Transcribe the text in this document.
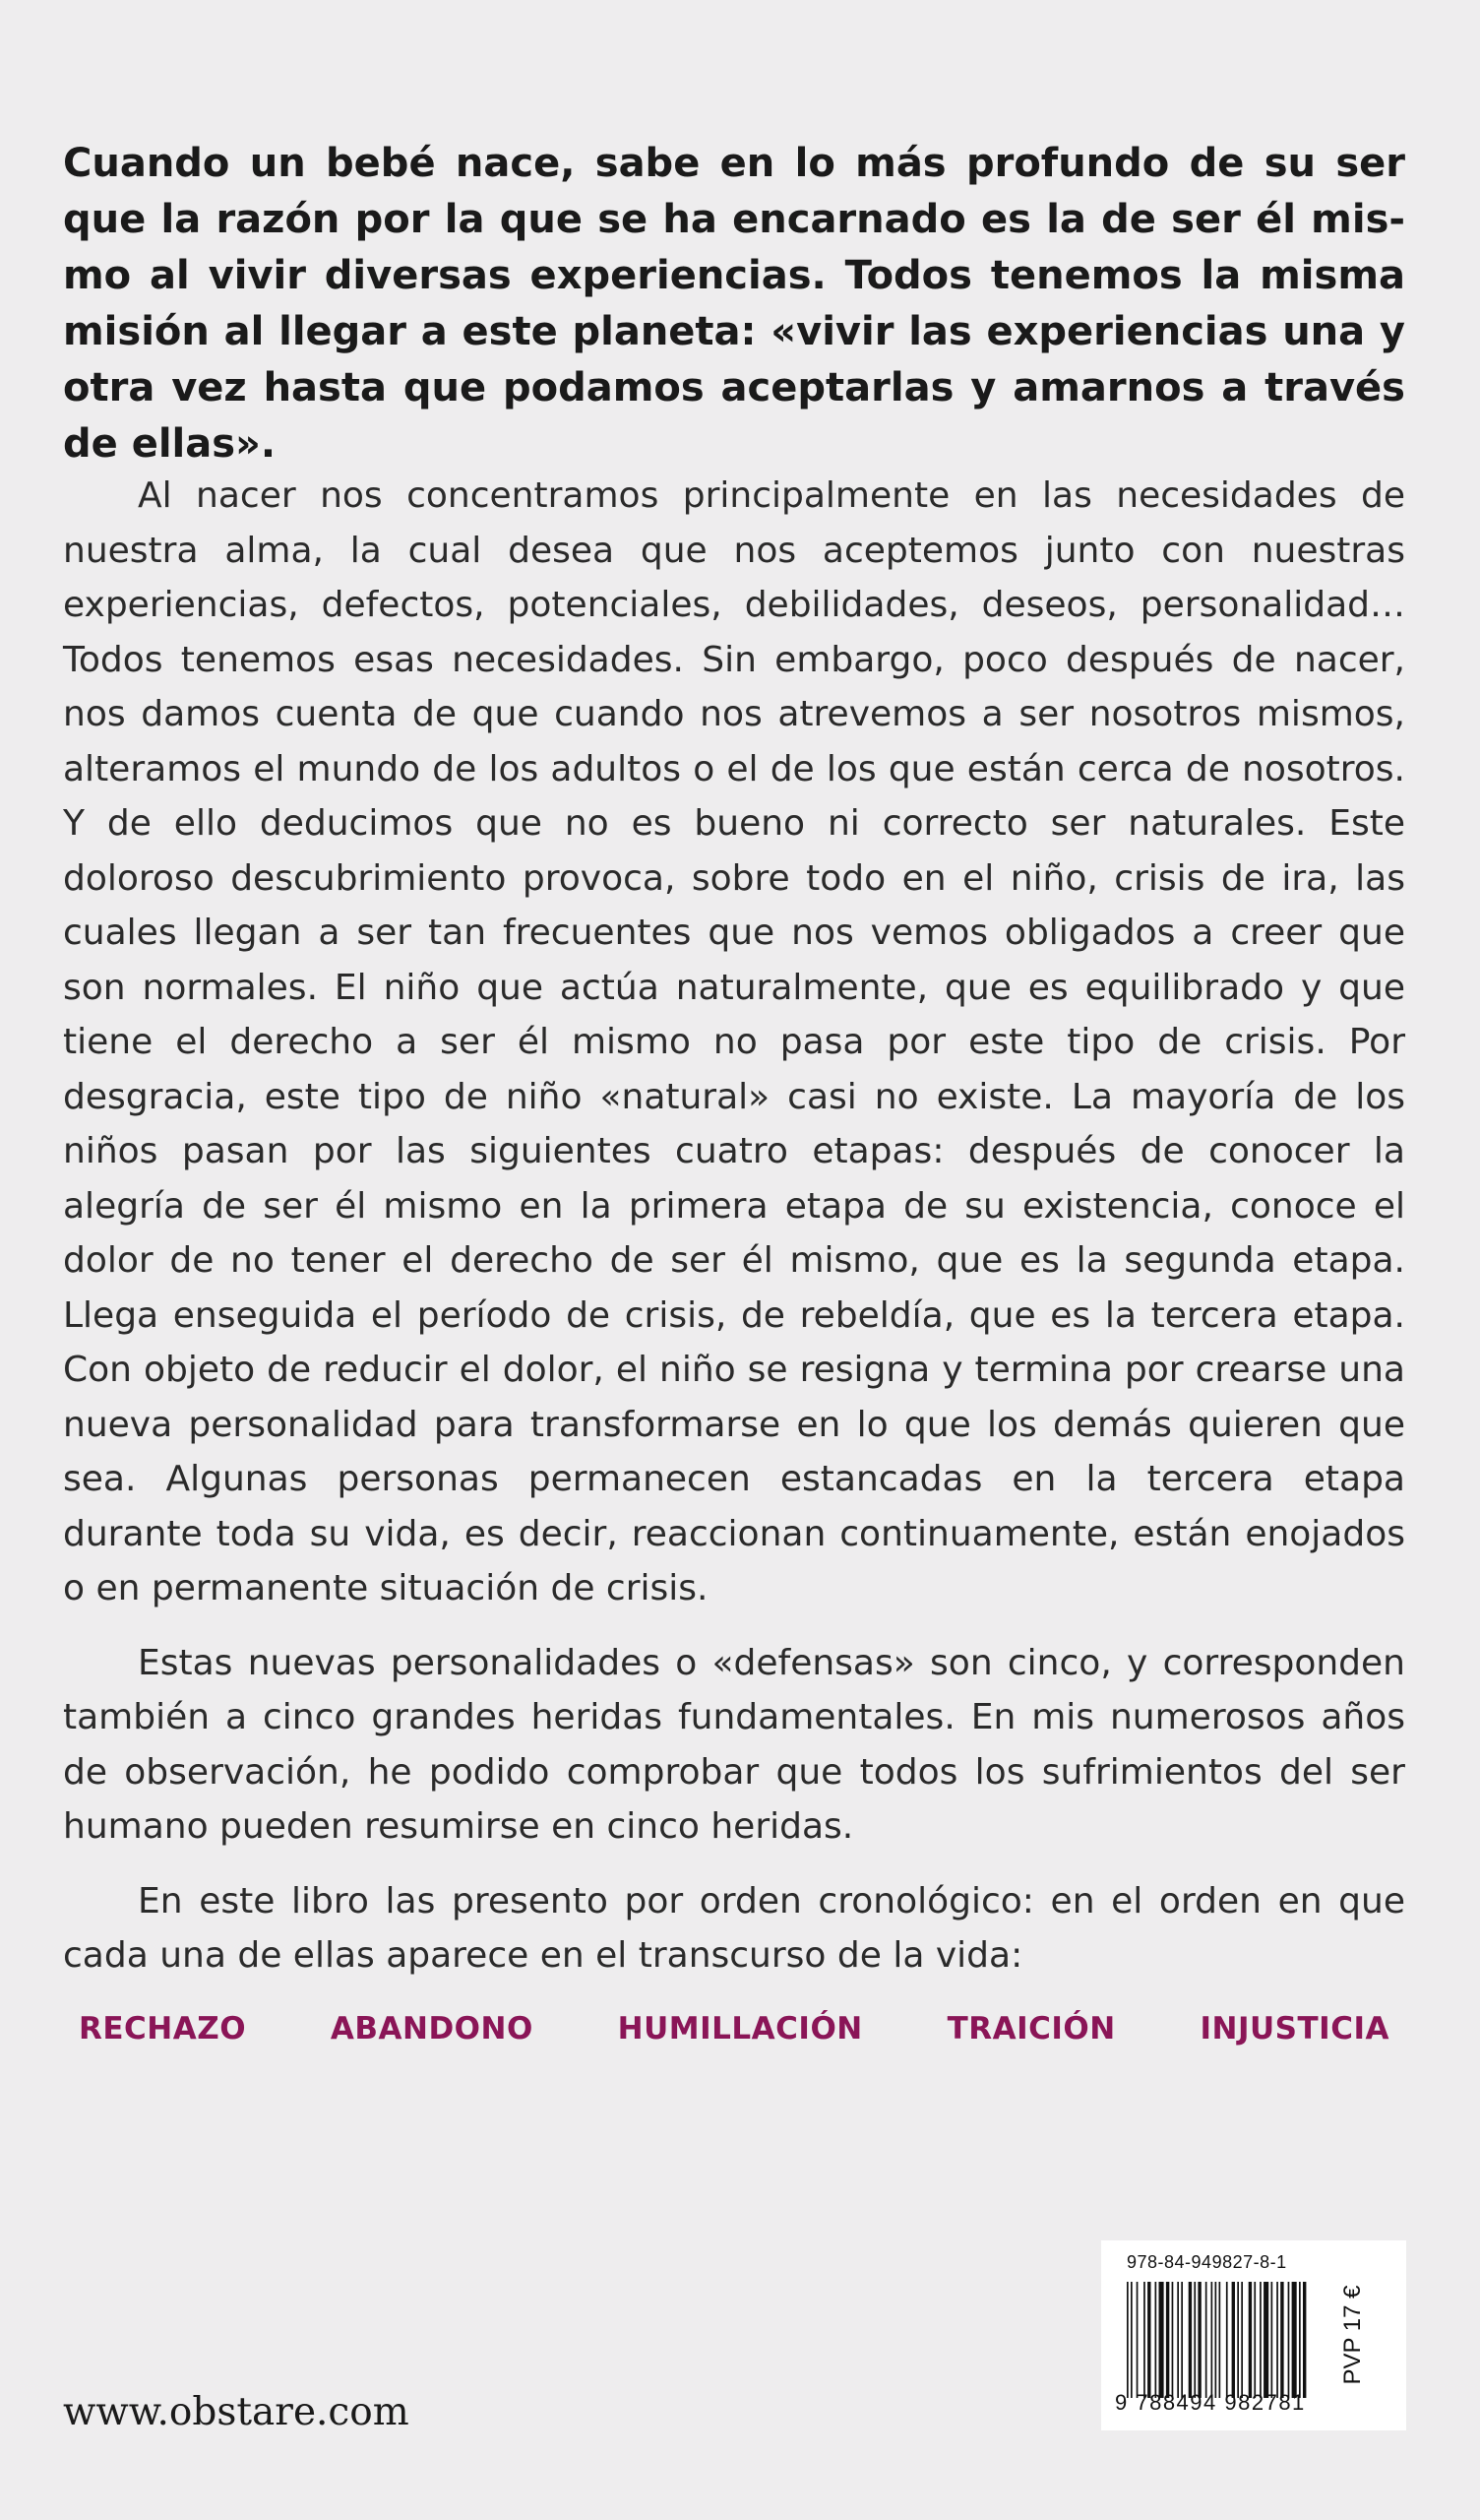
Cuando un bebé nace, sabe en lo más profundo de su ser que la razón por la que se ha encarnado es la de ser él mismo al vivir diversas experiencias. Todos tenemos la misma misión al llegar a este planeta: «vivir las experiencias una y otra vez hasta que podamos aceptarlas y amarnos a través de ellas».

Al nacer nos concentramos principalmente en las necesidades de nuestra alma, la cual desea que nos aceptemos junto con nuestras experiencias, defectos, potenciales, debilidades, deseos, personalidad… Todos tenemos esas necesidades. Sin embargo, poco después de nacer, nos damos cuenta de que cuando nos atrevemos a ser nosotros mismos, alteramos el mundo de los adultos o el de los que están cerca de nosotros. Y de ello deducimos que no es bueno ni correcto ser naturales. Este doloroso descubrimiento provoca, sobre todo en el niño, crisis de ira, las cuales llegan a ser tan frecuentes que nos vemos obligados a creer que son normales. El niño que actúa naturalmente, que es equilibrado y que tiene el derecho a ser él mismo no pasa por este tipo de crisis. Por desgracia, este tipo de niño «natural» casi no existe. La mayoría de los niños pasan por las siguientes cuatro etapas: después de conocer la alegría de ser él mismo en la primera etapa de su existencia, conoce el dolor de no tener el derecho de ser él mismo, que es la segunda etapa. Llega enseguida el período de crisis, de rebeldía, que es la tercera etapa. Con objeto de reducir el dolor, el niño se resigna y termina por crearse una nueva personalidad para transformarse en lo que los demás quieren que sea. Algunas personas permanecen estancadas en la tercera etapa durante toda su vida, es decir, reaccionan continuamente, están enojados o en permanente situación de crisis.

Estas nuevas personalidades o «defensas» son cinco, y corresponden también a cinco grandes heridas fundamentales. En mis numerosos años de observación, he podido comprobar que todos los sufrimientos del ser humano pueden resumirse en cinco heridas.

En este libro las presento por orden cronológico: en el orden en que cada una de ellas aparece en el transcurso de la vida:

RECHAZO	ABANDONO	HUMILLACIÓN	TRAICIÓN	INJUSTICIA
www.obstare.com
978-84-949827-8-1
9 788494 982781
PVP 17 €
